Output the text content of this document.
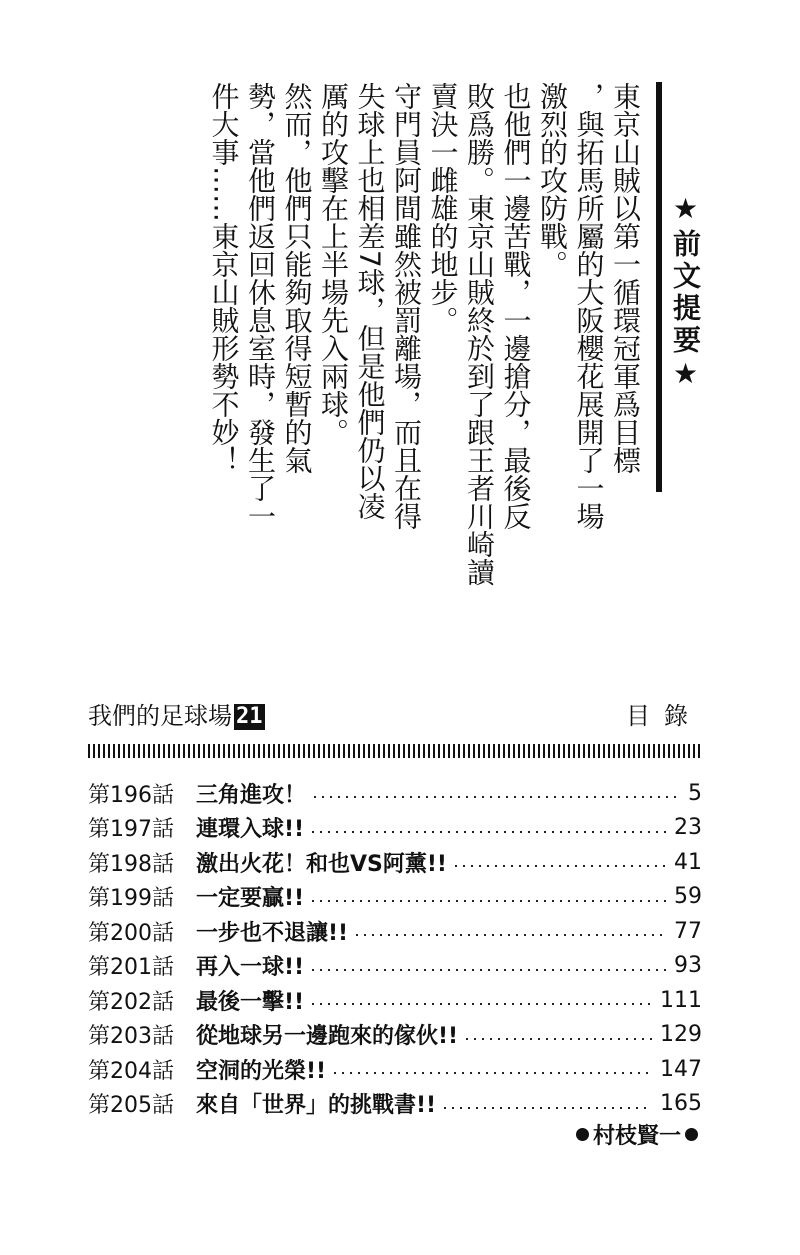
★前文提要★
東京山賊以第一循環冠軍爲目標
，與拓馬所屬的大阪櫻花展開了一場
激烈的攻防戰。
也他們一邊苦戰，一邊搶分，最後反
敗爲勝。東京山賊終於到了跟王者川崎讀
賣決一雌雄的地步。
守門員阿間雖然被罰離場，而且在得
失球上也相差7球，但是他們仍以凌
厲的攻擊在上半場先入兩球。
然而，他們只能夠取得短暫的氣
勢，當他們返回休息室時，發生了一
件大事……東京山賊形勢不妙！
我們的足球場 21	目錄
第196話	三角進攻！	5
第197話	連環入球!!	23
第198話	激出火花！和也VS阿薰!!	41
第199話	一定要贏!!	59
第200話	一步也不退讓!!	77
第201話	再入一球!!	93
第202話	最後一擊!!	111
第203話	從地球另一邊跑來的傢伙!!	129
第204話	空洞的光榮!!	147
第205話	來自「世界」的挑戰書!!	165
村枝賢一
